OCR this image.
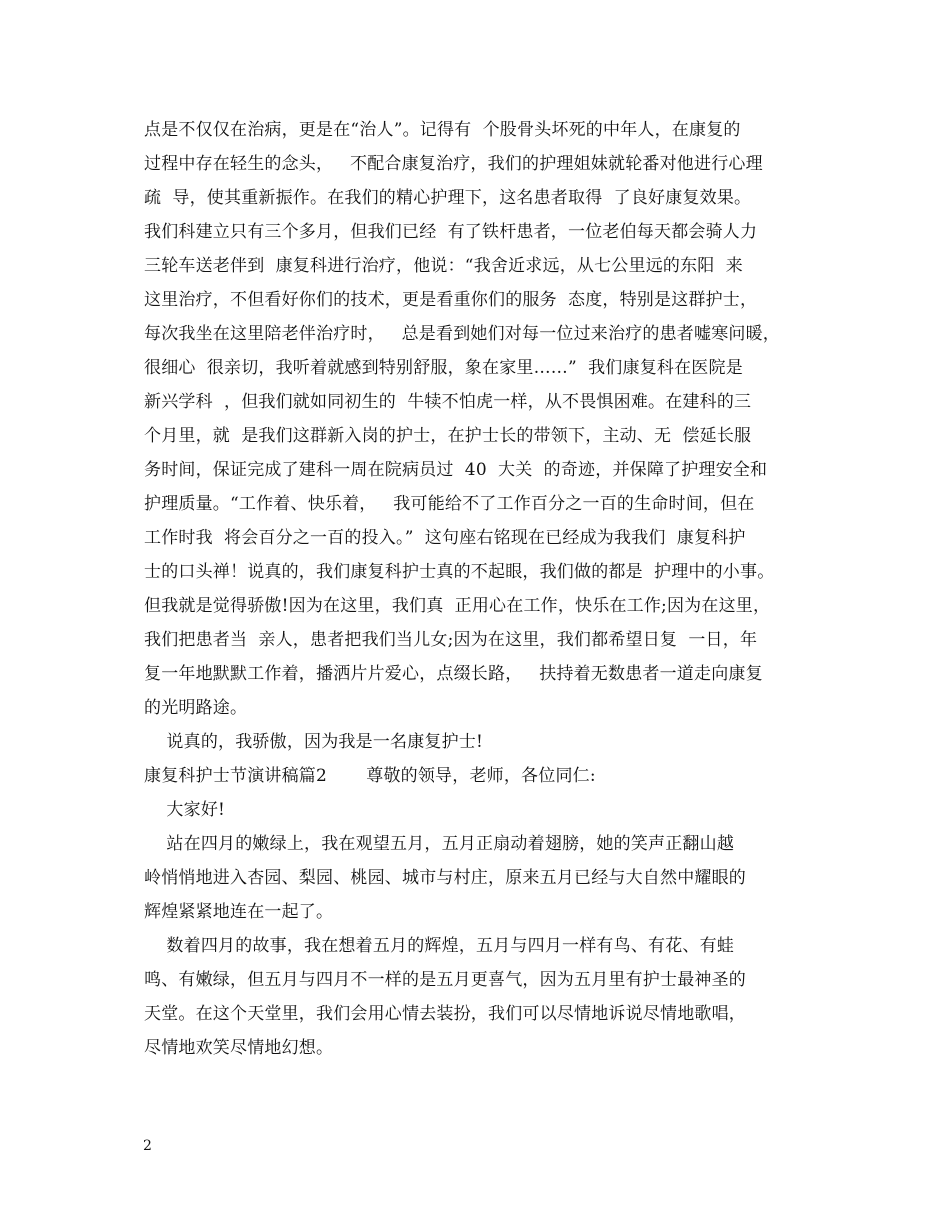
点是不仅仅在治病，更是在“治人”。记得有  个股骨头坏死的中年人，在康复的
过程中存在轻生的念头，   不配合康复治疗，我们的护理姐妹就轮番对他进行心理
疏  导，使其重新振作。在我们的精心护理下，这名患者取得  了良好康复效果。
我们科建立只有三个多月，但我们已经  有了铁杆患者，一位老伯每天都会骑人力
三轮车送老伴到  康复科进行治疗，他说：“我舍近求远，从七公里远的东阳  来
这里治疗，不但看好你们的技术，更是看重你们的服务  态度，特别是这群护士，
每次我坐在这里陪老伴治疗时，   总是看到她们对每一位过来治疗的患者嘘寒问暖，
很细心  很亲切，我听着就感到特别舒服，象在家里……”  我们康复科在医院是
新兴学科  ，但我们就如同初生的  牛犊不怕虎一样，从不畏惧困难。在建科的三
个月里，就  是我们这群新入岗的护士，在护士长的带领下，主动、无  偿延长服
务时间，保证完成了建科一周在院病员过  40  大关  的奇迹，并保障了护理安全和
护理质量。“工作着、快乐着，   我可能给不了工作百分之一百的生命时间，但在
工作时我  将会百分之一百的投入。”  这句座右铭现在已经成为我我们  康复科护
士的口头禅！说真的，我们康复科护士真的不起眼，我们做的都是  护理中的小事。
但我就是觉得骄傲!因为在这里，我们真  正用心在工作，快乐在工作;因为在这里，
我们把患者当  亲人，患者把我们当儿女;因为在这里，我们都希望日复  一日，年
复一年地默默工作着，播洒片片爱心，点缀长路，   扶持着无数患者一道走向康复
的光明路途。
说真的，我骄傲，因为我是一名康复护士!
康复科护士节演讲稿篇2       尊敬的领导，老师，各位同仁:
大家好!
站在四月的嫩绿上，我在观望五月，五月正扇动着翅膀，她的笑声正翻山越
岭悄悄地进入杏园、梨园、桃园、城市与村庄，原来五月已经与大自然中耀眼的
辉煌紧紧地连在一起了。
数着四月的故事，我在想着五月的辉煌，五月与四月一样有鸟、有花、有蛙
鸣、有嫩绿，但五月与四月不一样的是五月更喜气，因为五月里有护士最神圣的
天堂。在这个天堂里，我们会用心情去装扮，我们可以尽情地诉说尽情地歌唱，
尽情地欢笑尽情地幻想。
2
